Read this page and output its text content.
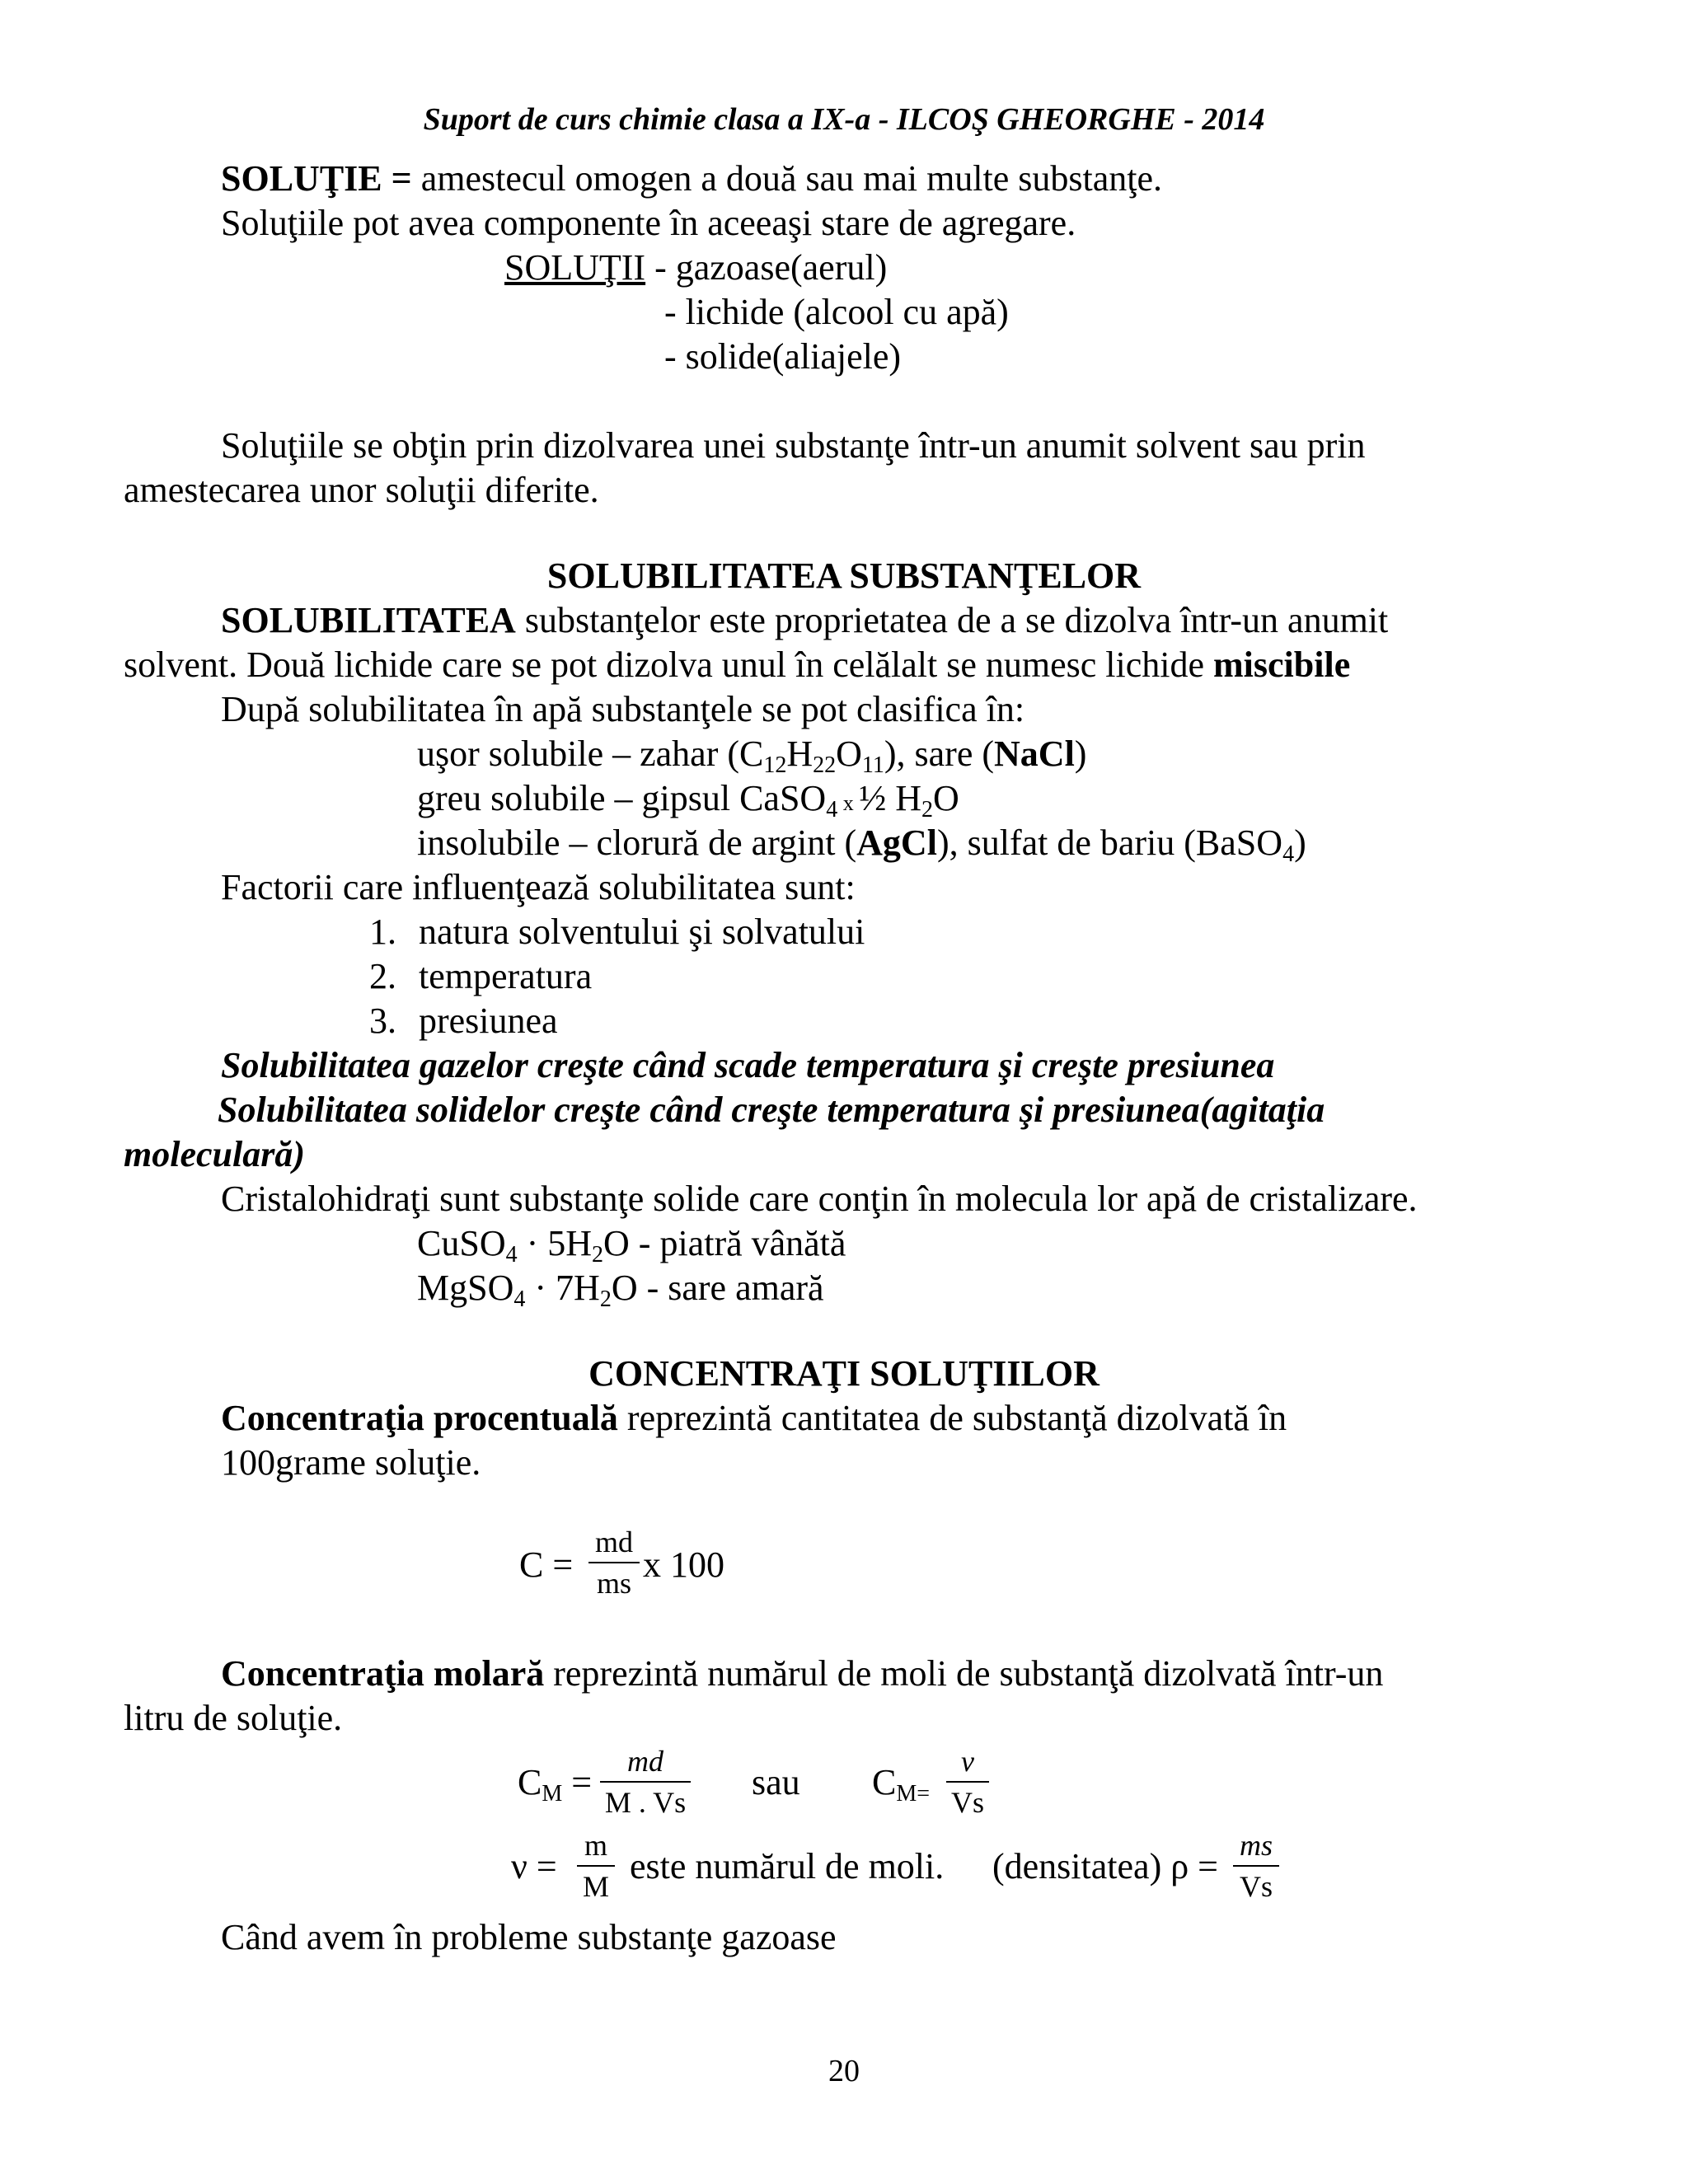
Suport de curs chimie clasa a IX-a - ILCOŞ GHEORGHE - 2014
SOLUŢIE = amestecul omogen a două sau mai multe substanţe.
Soluţiile pot avea componente în aceeaşi stare de agregare.
SOLUŢII - gazoase(aerul)
- lichide (alcool cu apă)
- solide(aliajele)
Soluţiile se obţin prin dizolvarea unei substanţe într-un anumit solvent sau prin
amestecarea unor soluţii diferite.
SOLUBILITATEA SUBSTANŢELOR
SOLUBILITATEA substanţelor este proprietatea de a se dizolva într-un anumit
solvent. Două lichide care se pot dizolva unul în celălalt se numesc lichide miscibile
După solubilitatea în apă substanţele se pot clasifica în:
uşor solubile – zahar $(C_{12}H_{22}O_{11})$, sare (NaCl)
greu solubile – gipsul CaSO$_4$ x ½ $H_2O$
insolubile – clorură de argint (AgCl), sulfat de bariu (BaSO$_4$)
Factorii care influenţează solubilitatea sunt:
1. natura solventului şi solvatului
2. temperatura
3. presiunea
Solubilitatea gazelor creşte când scade temperatura şi creşte presiunea
Solubilitatea solidelor creşte când creşte temperatura şi presiunea(agitaţia
moleculară)
Cristalohidraţi sunt substanţe solide care conţin în molecula lor apă de cristalizare.
CuSO$_4$ · $5H_2O$ - piatră vânătă
MgSO$_4$ · $7H_2O$ - sare amară
CONCENTRAŢI SOLUŢIILOR
Concentraţia procentuală reprezintă cantitatea de substanţă dizolvată în
100grame soluţie.
C =
md
ms x 100
Concentraţia molară reprezintă numărul de moli de substanţă dizolvată într-un
litru de soluţie.
$C_M$ =
md
M . Vs sau $C_{M=}$
ν
Vs
ν =
m
M este numărul de moli. (densitatea) ρ =
ms
Vs
Când avem în probleme substanţe gazoase
20
